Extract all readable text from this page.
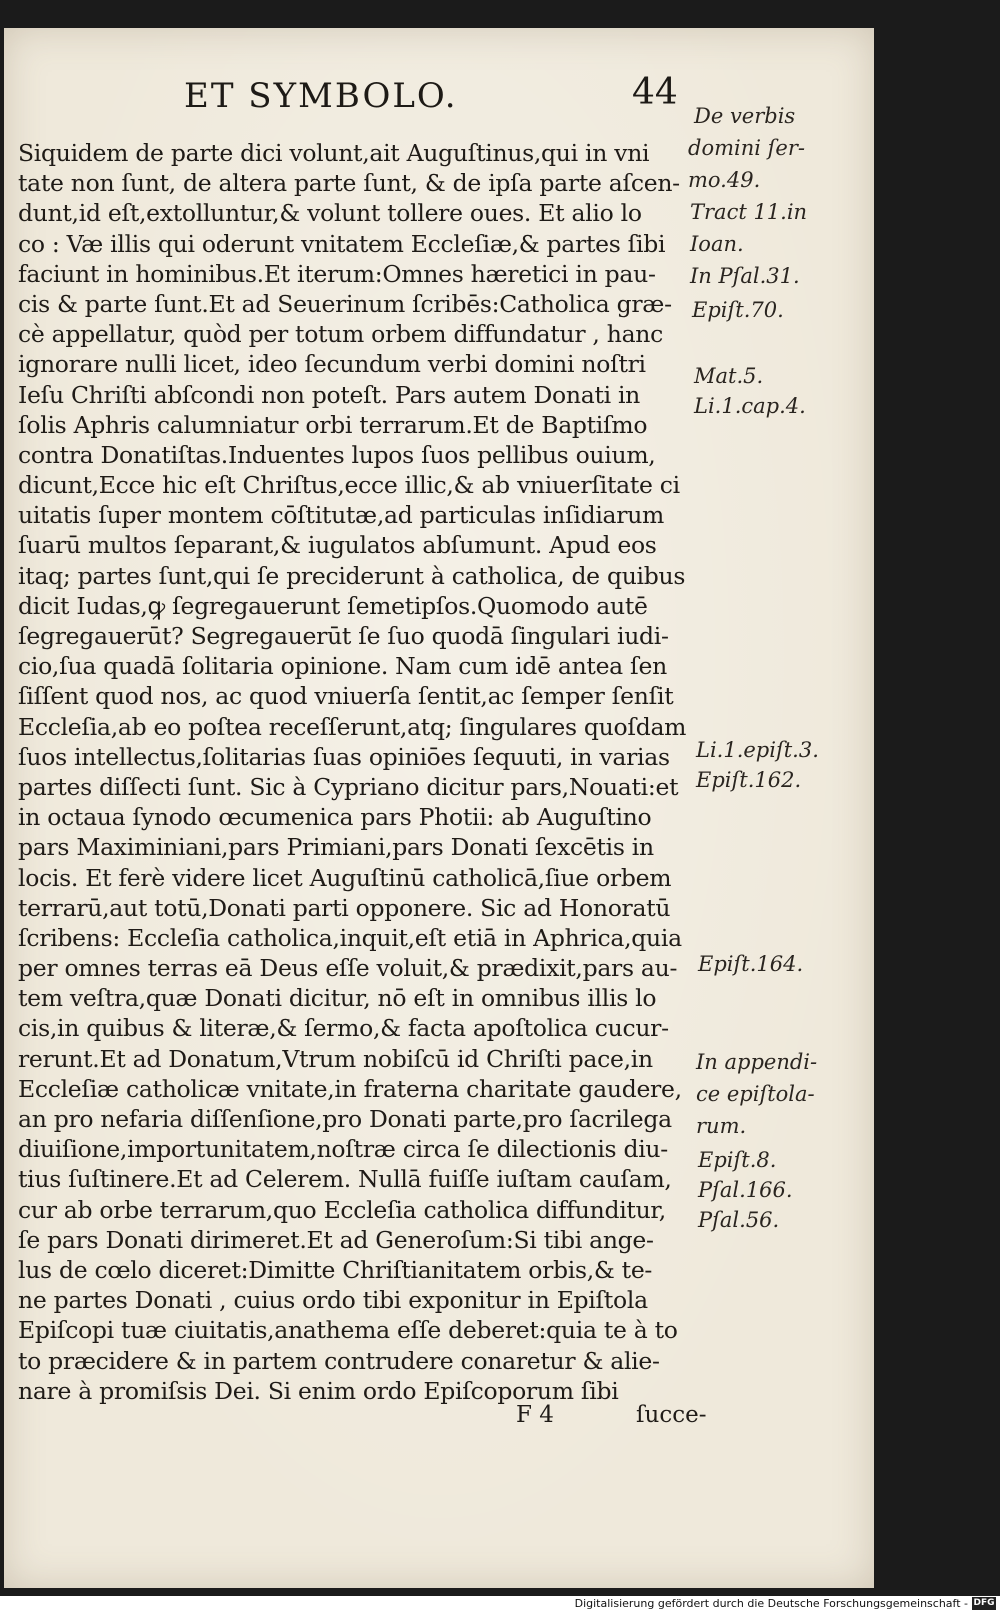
ET SYMBOLO.	44
Siquidem de parte dici volunt,ait Auguſtinus,qui in vni
tate non ſunt, de altera parte ſunt, & de ipſa parte aſcen-
dunt,id eſt,extolluntur,& volunt tollere oues. Et alio lo
co : Væ illis qui oderunt vnitatem Eccleſiæ,& partes ſibi
faciunt in hominibus.Et iterum:Omnes hæretici in pau-
cis & parte ſunt.Et ad Seuerinum ſcribēs:Catholica græ-
cè appellatur, quòd per totum orbem diffundatur , hanc
ignorare nulli licet, ideo ſecundum verbi domini noſtri
Ieſu Chriſti abſcondi non poteſt. Pars autem Donati in
ſolis Aphris calumniatur orbi terrarum.Et de Baptiſmo
contra Donatiſtas.Induentes lupos ſuos pellibus ouium,
dicunt,Ecce hic eſt Chriſtus,ecce illic,& ab vniuerſitate ci
uitatis ſuper montem cōſtitutæ,ad particulas inſidiarum
ſuarū multos ſeparant,& iugulatos abſumunt. Apud eos
itaq; partes ſunt,qui ſe preciderunt à catholica, de quibus
dicit Iudas,ꝙ ſegregauerunt ſemetipſos.Quomodo autē
ſegregauerūt? Segregauerūt ſe ſuo quodā ſingulari iudi-
cio,ſua quadā ſolitaria opinione. Nam cum idē antea ſen
ſiſſent quod nos, ac quod vniuerſa ſentit,ac ſemper ſenſit
Eccleſia,ab eo poſtea receſſerunt,atq; ſingulares quoſdam
ſuos intellectus,ſolitarias ſuas opiniōes ſequuti, in varias
partes diſſecti ſunt. Sic à Cypriano dicitur pars,Nouati:et
in octaua ſynodo œcumenica pars Photii: ab Auguſtino
pars Maximiniani,pars Primiani,pars Donati ſexcētis in
locis. Et ferè videre licet Auguſtinū catholicā,ſiue orbem
terrarū,aut totū,Donati parti opponere. Sic ad Honoratū
ſcribens: Eccleſia catholica,inquit,eſt etiā in Aphrica,quia
per omnes terras eā Deus eſſe voluit,& prædixit,pars au-
tem veſtra,quæ Donati dicitur, nō eſt in omnibus illis lo
cis,in quibus & literæ,& ſermo,& facta apoſtolica cucur-
rerunt.Et ad Donatum,Vtrum nobiſcū id Chriſti pace,in
Eccleſiæ catholicæ vnitate,in fraterna charitate gaudere,
an pro nefaria diſſenſione,pro Donati parte,pro ſacrilega
diuiſione,importunitatem,noſtræ circa ſe dilectionis diu-
tius ſuſtinere.Et ad Celerem. Nullā fuiſſe iuſtam cauſam,
cur ab orbe terrarum,quo Eccleſia catholica diffunditur,
ſe pars Donati dirimeret.Et ad Generoſum:Si tibi ange-
lus de cœlo diceret:Dimitte Chriſtianitatem orbis,& te-
ne partes Donati , cuius ordo tibi exponitur in Epiſtola
Epiſcopi tuæ ciuitatis,anathema eſſe deberet:quia te à to
to præcidere & in partem contrudere conaretur & alie-
nare à promiſsis Dei. Si enim ordo Epiſcoporum ſibi
F 4	ſucce-
De verbis
domini ſer-
mo.49.
Tract 11.in
Ioan.
In Pſal.31.
Epiſt.70.
Mat.5.
Li.1.cap.4.
Li.1.epiſt.3.
Epiſt.162.
Epiſt.164.
In appendi-
ce epiſtola-
rum.
Epiſt.8.
Pſal.166.
Pſal.56.
Digitalisierung gefördert durch die Deutsche Forschungsgemeinschaft - DFG
